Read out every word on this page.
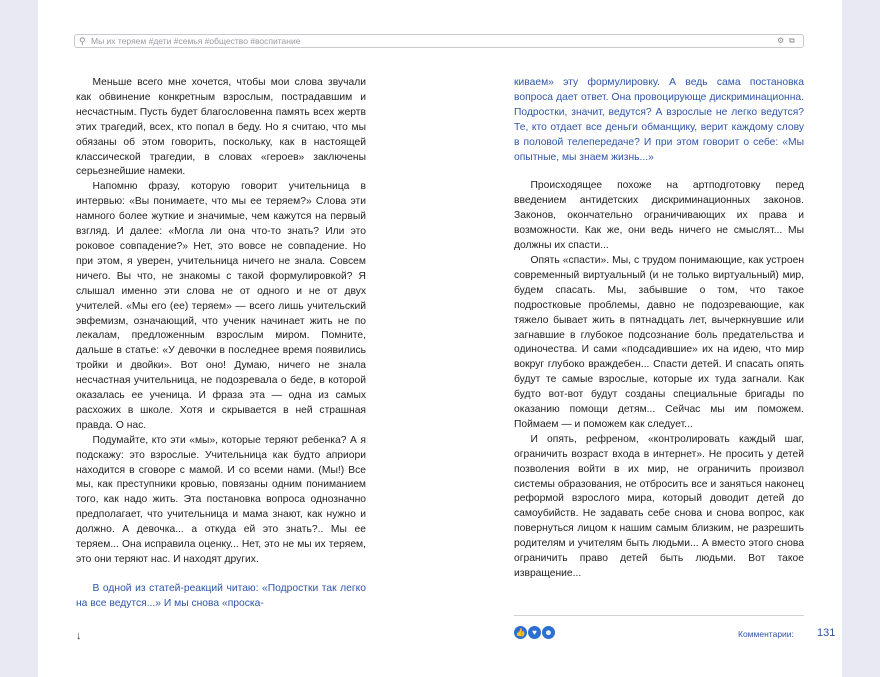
⚲ Мы их теряем #дети #семья #общество #воспитание	⚙ ⧉

Меньше всего мне хочется, чтобы мои слова звучали как обвинение конкретным взрослым, пострадавшим и несчастным. Пусть будет благословенна память всех жертв этих трагедий, всех, кто попал в беду. Но я считаю, что мы обязаны об этом говорить, поскольку, как в настоящей классической трагедии, в словах «героев» заключены серьезнейшие намеки.

Напомню фразу, которую говорит учительница в интервью: «Вы понимаете, что мы ее теряем?» Слова эти намного более жуткие и значимые, чем кажутся на первый взгляд. И далее: «Могла ли она что-то знать? Или это роковое совпадение?» Нет, это вовсе не совпадение. Но при этом, я уверен, учительница ничего не знала. Совсем ничего. Вы что, не знакомы с такой формулировкой? Я слышал именно эти слова не от одного и не от двух учителей. «Мы его (ее) теряем» — всего лишь учительский эвфемизм, означающий, что ученик начинает жить не по лекалам, предложенным взрослым миром. Помните, дальше в статье: «У девочки в последнее время появились тройки и двойки». Вот оно! Думаю, ничего не знала несчастная учительница, не подозревала о беде, в которой оказалась ее ученица. И фраза эта — одна из самых расхожих в школе. Хотя и скрывается в ней страшная правда. О нас.

Подумайте, кто эти «мы», которые теряют ребенка? А я подскажу: это взрослые. Учительница как будто априори находится в сговоре с мамой. И со всеми нами. (Мы!) Все мы, как преступники кровью, повязаны одним пониманием того, как надо жить. Эта постановка вопроса однозначно предполагает, что учительница и мама знают, как нужно и должно. А девочка... а откуда ей это знать?.. Мы ее теряем... Она исправила оценку... Нет, это не мы их теряем, это они теряют нас. И находят других.

В одной из статей-реакций читаю: «Подростки так легко на все ведутся...» И мы снова «проска-

киваем» эту формулировку. А ведь сама постановка вопроса дает ответ. Она провоцирующе дискриминационна. Подростки, значит, ведутся? А взрослые не легко ведутся? Те, кто отдает все деньги обманщику, верит каждому слову в половой телепередаче? И при этом говорит о себе: «Мы опытные, мы знаем жизнь...»

Происходящее похоже на артподготовку перед введением антидетских дискриминационных законов. Законов, окончательно ограничивающих их права и возможности. Как же, они ведь ничего не смыслят... Мы должны их спасти...

Опять «спасти». Мы, с трудом понимающие, как устроен современный виртуальный (и не только виртуальный) мир, будем спасать. Мы, забывшие о том, что такое подростковые проблемы, давно не подозревающие, как тяжело бывает жить в пятнадцать лет, вычеркнувшие или загнавшие в глубокое подсознание боль предательства и одиночества. И сами «подсадившие» их на идею, что мир вокруг глубоко враждебен... Спасти детей. И спасать опять будут те самые взрослые, которые их туда загнали. Как будто вот-вот будут созданы специальные бригады по оказанию помощи детям... Сейчас мы им поможем. Поймаем — и поможем как следует...

И опять, рефреном, «контролировать каждый шаг, ограничить возраст входа в интернет». Не просить у детей позволения войти в их мир, не ограничить произвол системы образования, не отбросить все и заняться наконец реформой взрослого мира, который доводит детей до самоубийств. Не задавать себе снова и снова вопрос, как повернуться лицом к нашим самым близким, не разрешить родителям и учителям быть людьми... А вместо этого снова ограничить право детей быть людьми. Вот такое извращение...

↓	👍 ♥ ☻	Комментарии: 131
